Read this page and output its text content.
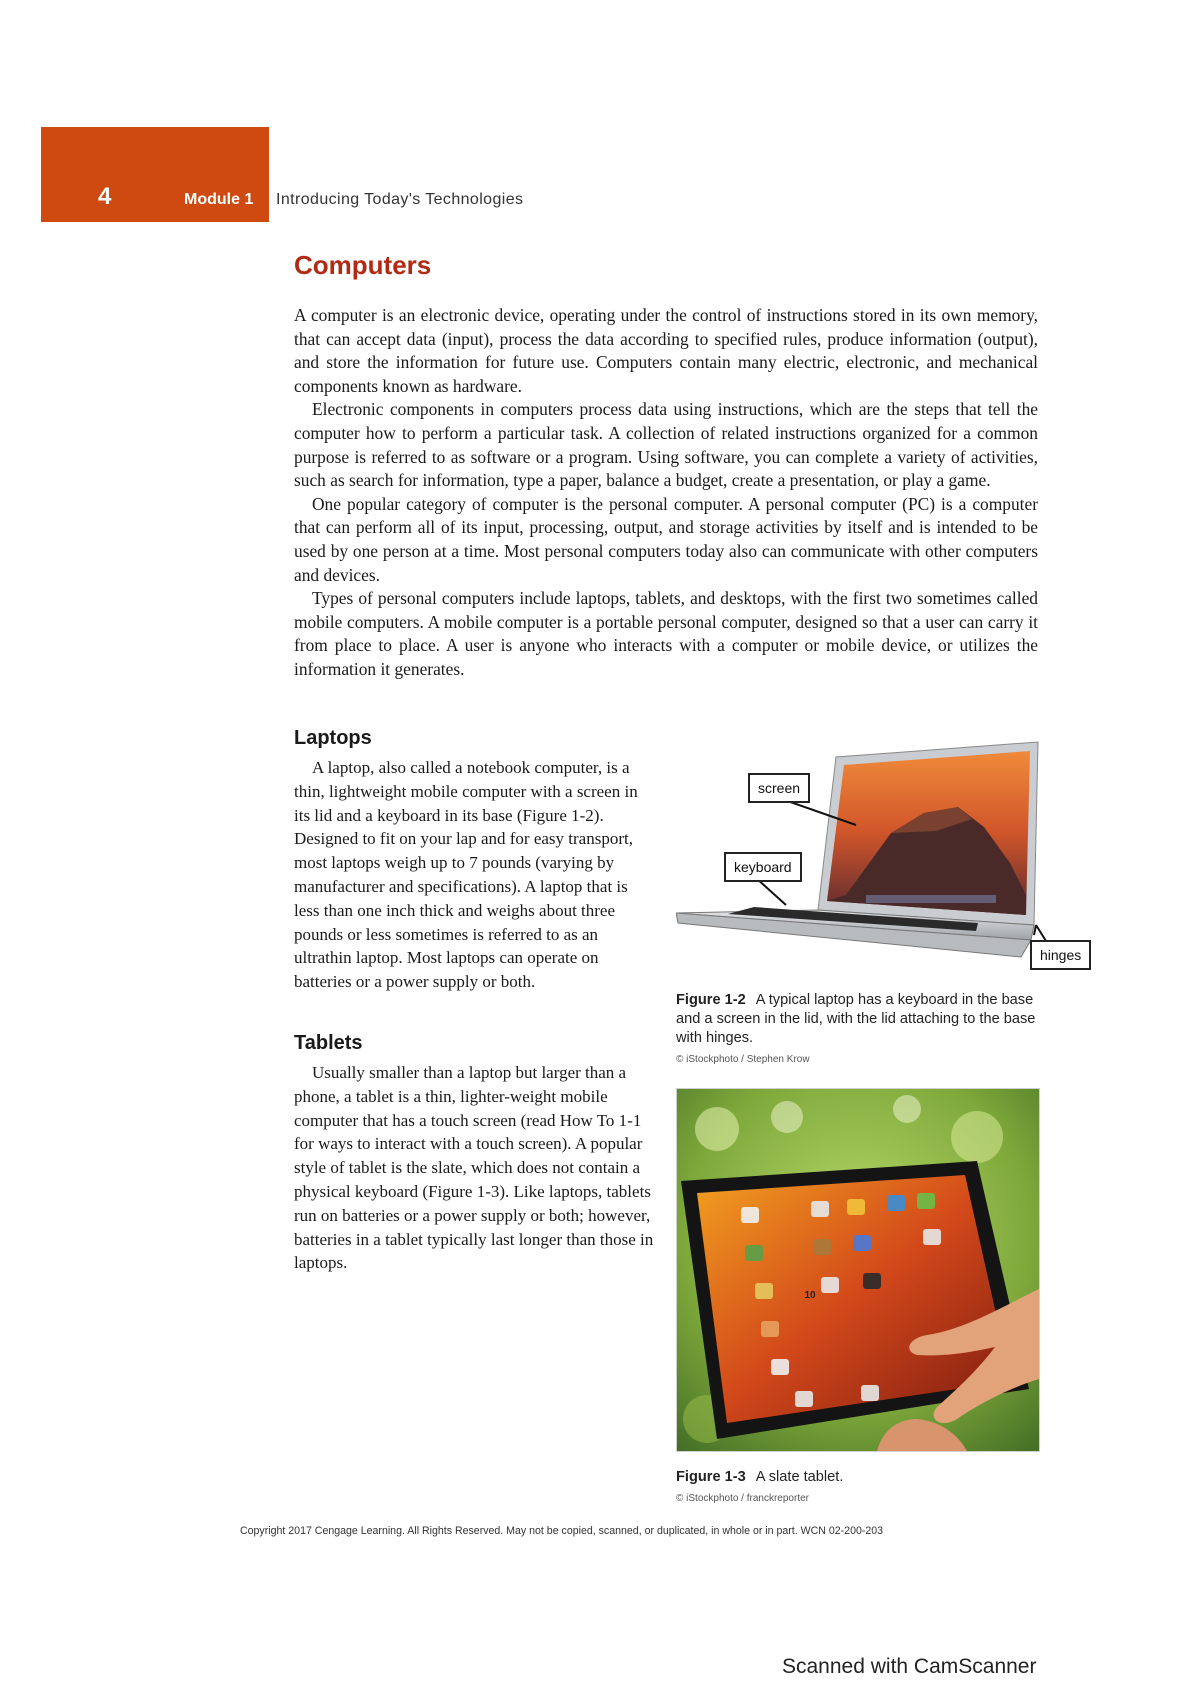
4	Module 1 Introducing Today's Technologies
Computers

A computer is an electronic device, operating under the control of instructions stored in its own memory, that can accept data (input), process the data according to specified rules, produce information (output), and store the information for future use. Computers contain many electric, electronic, and mechanical components known as hardware.

Electronic components in computers process data using instructions, which are the steps that tell the computer how to perform a particular task. A collection of related instructions organized for a common purpose is referred to as software or a program. Using software, you can complete a variety of activities, such as search for information, type a paper, balance a budget, create a presentation, or play a game.

One popular category of computer is the personal computer. A personal computer (PC) is a computer that can perform all of its input, processing, output, and storage activities by itself and is intended to be used by one person at a time. Most personal computers today also can communicate with other computers and devices.

Types of personal computers include laptops, tablets, and desktops, with the first two sometimes called mobile computers. A mobile computer is a portable personal computer, designed so that a user can carry it from place to place. A user is anyone who interacts with a computer or mobile device, or utilizes the information it generates.

Laptops

A laptop, also called a notebook computer, is a thin, lightweight mobile computer with a screen in its lid and a keyboard in its base (Figure 1-2). Designed to fit on your lap and for easy transport, most laptops weigh up to 7 pounds (varying by manufacturer and specifications). A laptop that is less than one inch thick and weighs about three pounds or less sometimes is referred to as an ultrathin laptop. Most laptops can operate on batteries or a power supply or both.

Tablets

Usually smaller than a laptop but larger than a phone, a tablet is a thin, lighter-weight mobile computer that has a touch screen (read How To 1-1 for ways to interact with a touch screen). A popular style of tablet is the slate, which does not contain a physical keyboard (Figure 1-3). Like laptops, tablets run on batteries or a power supply or both; however, batteries in a tablet typically last longer than those in laptops.

screen
keyboard
hinges
Figure 1-2 A typical laptop has a keyboard in the base and a screen in the lid, with the lid attaching to the base with hinges.
© iStockphoto / Stephen Krow
10
Figure 1-3 A slate tablet.
© iStockphoto / franckreporter
Copyright 2017 Cengage Learning. All Rights Reserved. May not be copied, scanned, or duplicated, in whole or in part. WCN 02-200-203
Scanned with CamScanner
